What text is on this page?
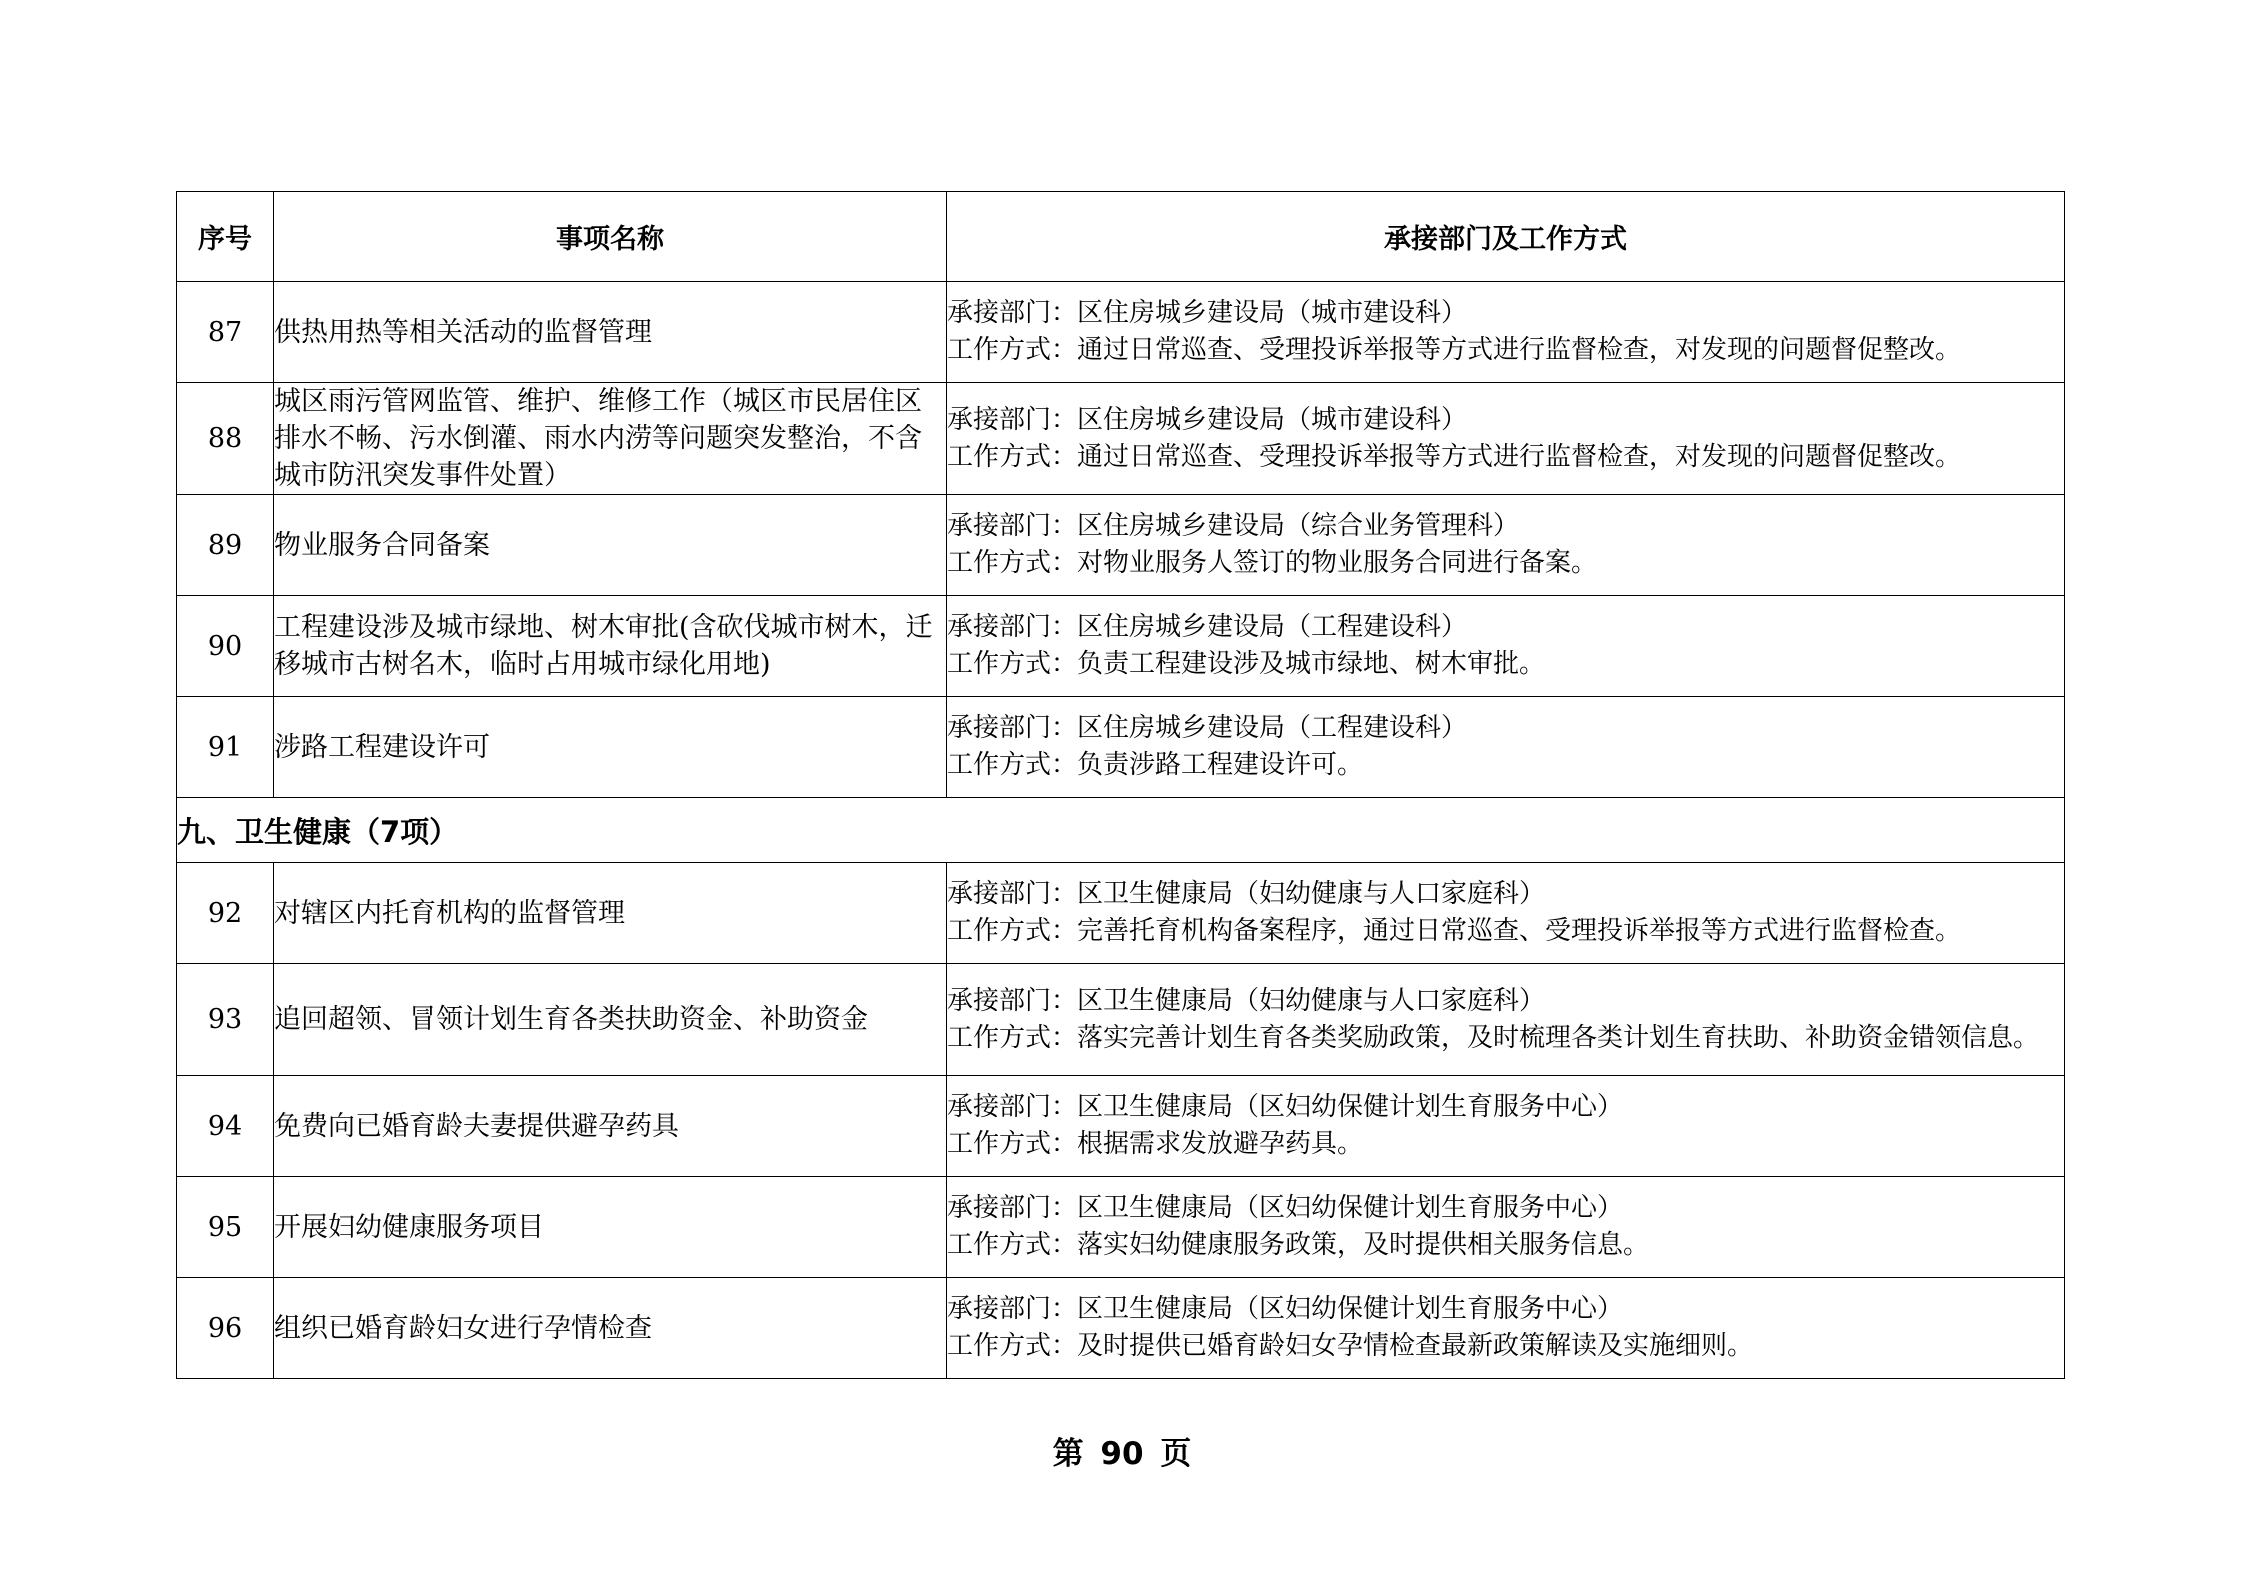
序号	事项名称	承接部门及工作方式
87	供热用热等相关活动的监督管理	承接部门：区住房城乡建设局（城市建设科）
工作方式：通过日常巡查、受理投诉举报等方式进行监督检查，对发现的问题督促整改。

88	城区雨污管网监管、维护、维修工作（城区市民居住区排水不畅、污水倒灌、雨水内涝等问题突发整治，不含城市防汛突发事件处置）	承接部门：区住房城乡建设局（城市建设科）
工作方式：通过日常巡查、受理投诉举报等方式进行监督检查，对发现的问题督促整改。

89	物业服务合同备案	承接部门：区住房城乡建设局（综合业务管理科）
工作方式：对物业服务人签订的物业服务合同进行备案。

90	工程建设涉及城市绿地、树木审批(含砍伐城市树木，迁移城市古树名木，临时占用城市绿化用地)	承接部门：区住房城乡建设局（工程建设科）
工作方式：负责工程建设涉及城市绿地、树木审批。

91	涉路工程建设许可	承接部门：区住房城乡建设局（工程建设科）
工作方式：负责涉路工程建设许可。

九、卫生健康（7项）		
92	对辖区内托育机构的监督管理	承接部门：区卫生健康局（妇幼健康与人口家庭科）
工作方式：完善托育机构备案程序，通过日常巡查、受理投诉举报等方式进行监督检查。

93	追回超领、冒领计划生育各类扶助资金、补助资金	承接部门：区卫生健康局（妇幼健康与人口家庭科）
工作方式：落实完善计划生育各类奖励政策，及时梳理各类计划生育扶助、补助资金错领信息。

94	免费向已婚育龄夫妻提供避孕药具	承接部门：区卫生健康局（区妇幼保健计划生育服务中心）
工作方式：根据需求发放避孕药具。

95	开展妇幼健康服务项目	承接部门：区卫生健康局（区妇幼保健计划生育服务中心）
工作方式：落实妇幼健康服务政策，及时提供相关服务信息。

96	组织已婚育龄妇女进行孕情检查	承接部门：区卫生健康局（区妇幼保健计划生育服务中心）
工作方式：及时提供已婚育龄妇女孕情检查最新政策解读及实施细则。
第 90 页
